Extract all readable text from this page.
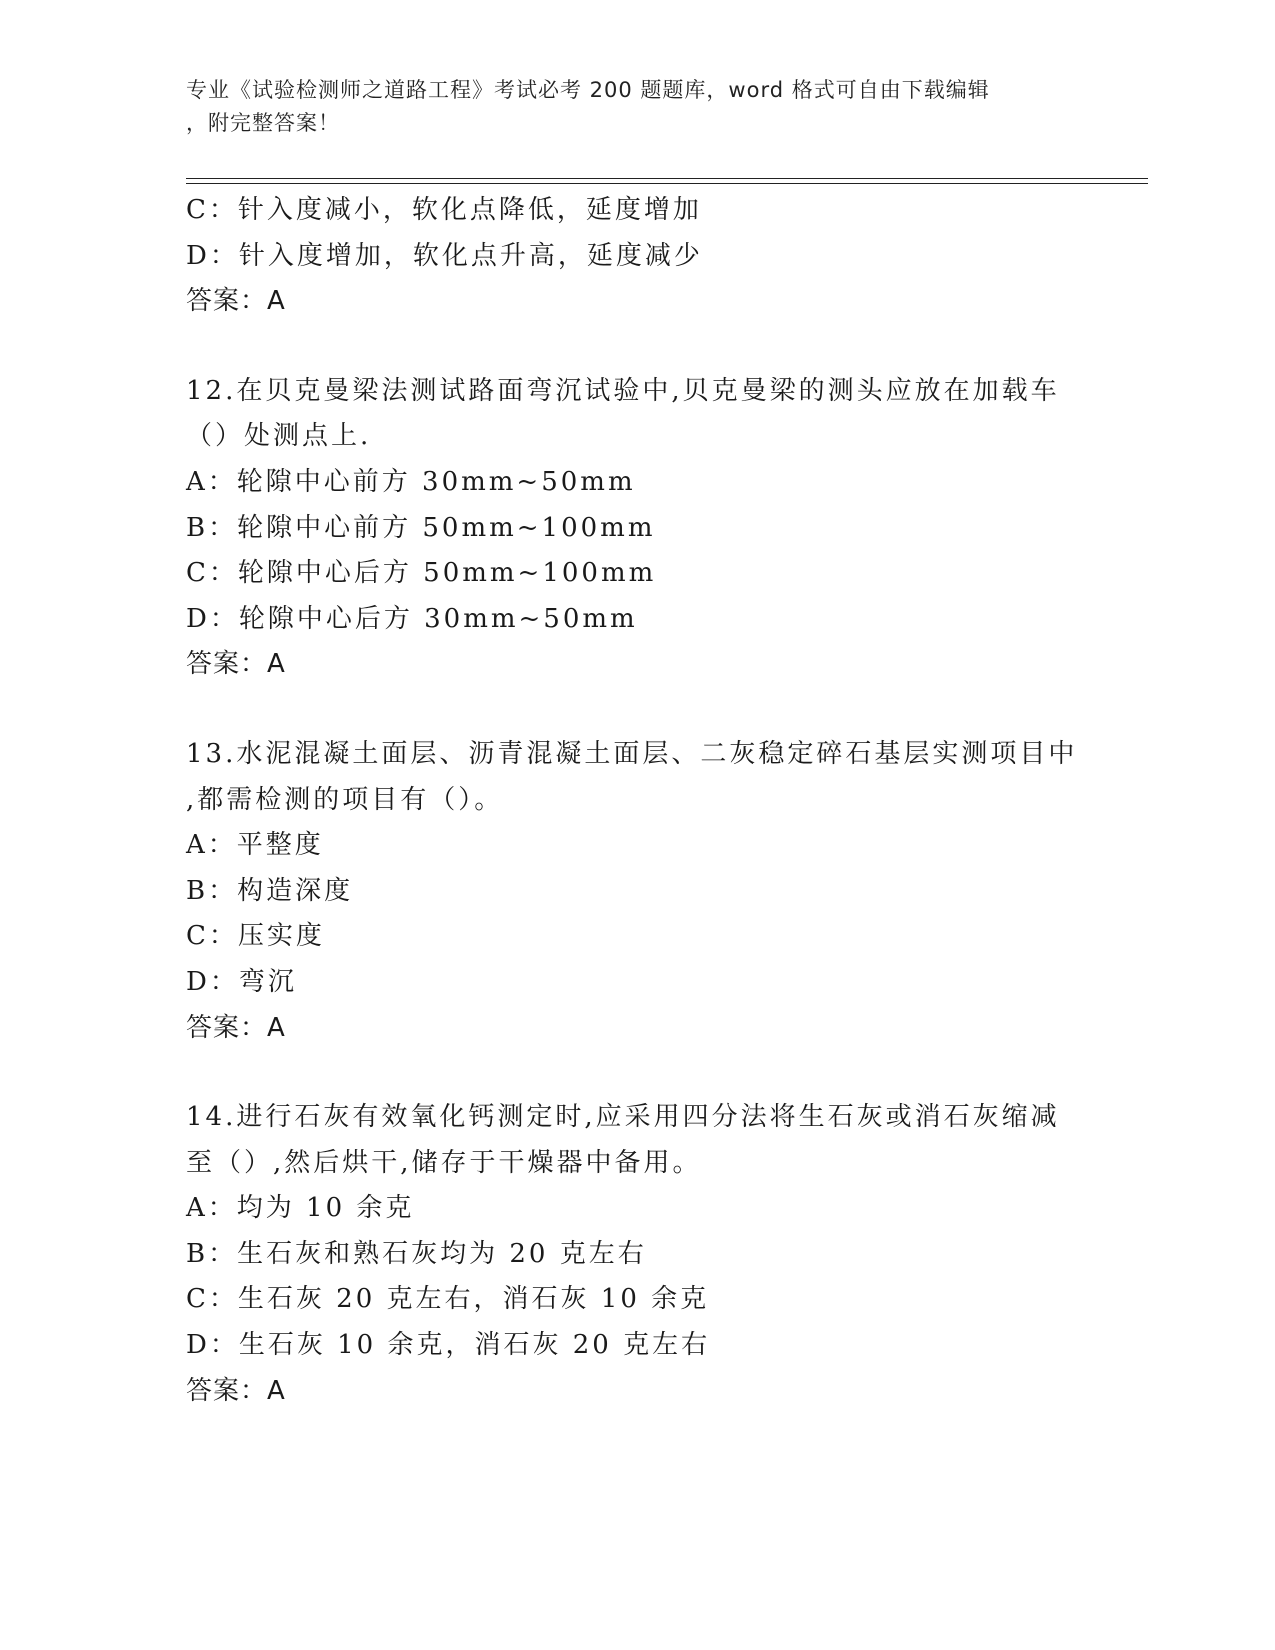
专业《试验检测师之道路工程》考试必考 200 题题库，word 格式可自由下载编辑
，附完整答案！
C：针入度减小，软化点降低，延度增加
D：针入度增加，软化点升高，延度减少
答案：A
12.在贝克曼梁法测试路面弯沉试验中,贝克曼梁的测头应放在加载车
（）处测点上.
A：轮隙中心前方 30mm~50mm
B：轮隙中心前方 50mm~100mm
C：轮隙中心后方 50mm~100mm
D：轮隙中心后方 30mm~50mm
答案：A
13.水泥混凝土面层、沥青混凝土面层、二灰稳定碎石基层实测项目中
,都需检测的项目有（）。
A：平整度
B：构造深度
C：压实度
D：弯沉
答案：A
14.进行石灰有效氧化钙测定时,应采用四分法将生石灰或消石灰缩减
至（）,然后烘干,储存于干燥器中备用。
A：均为 10 余克
B：生石灰和熟石灰均为 20 克左右
C：生石灰 20 克左右，消石灰 10 余克
D：生石灰 10 余克，消石灰 20 克左右
答案：A
